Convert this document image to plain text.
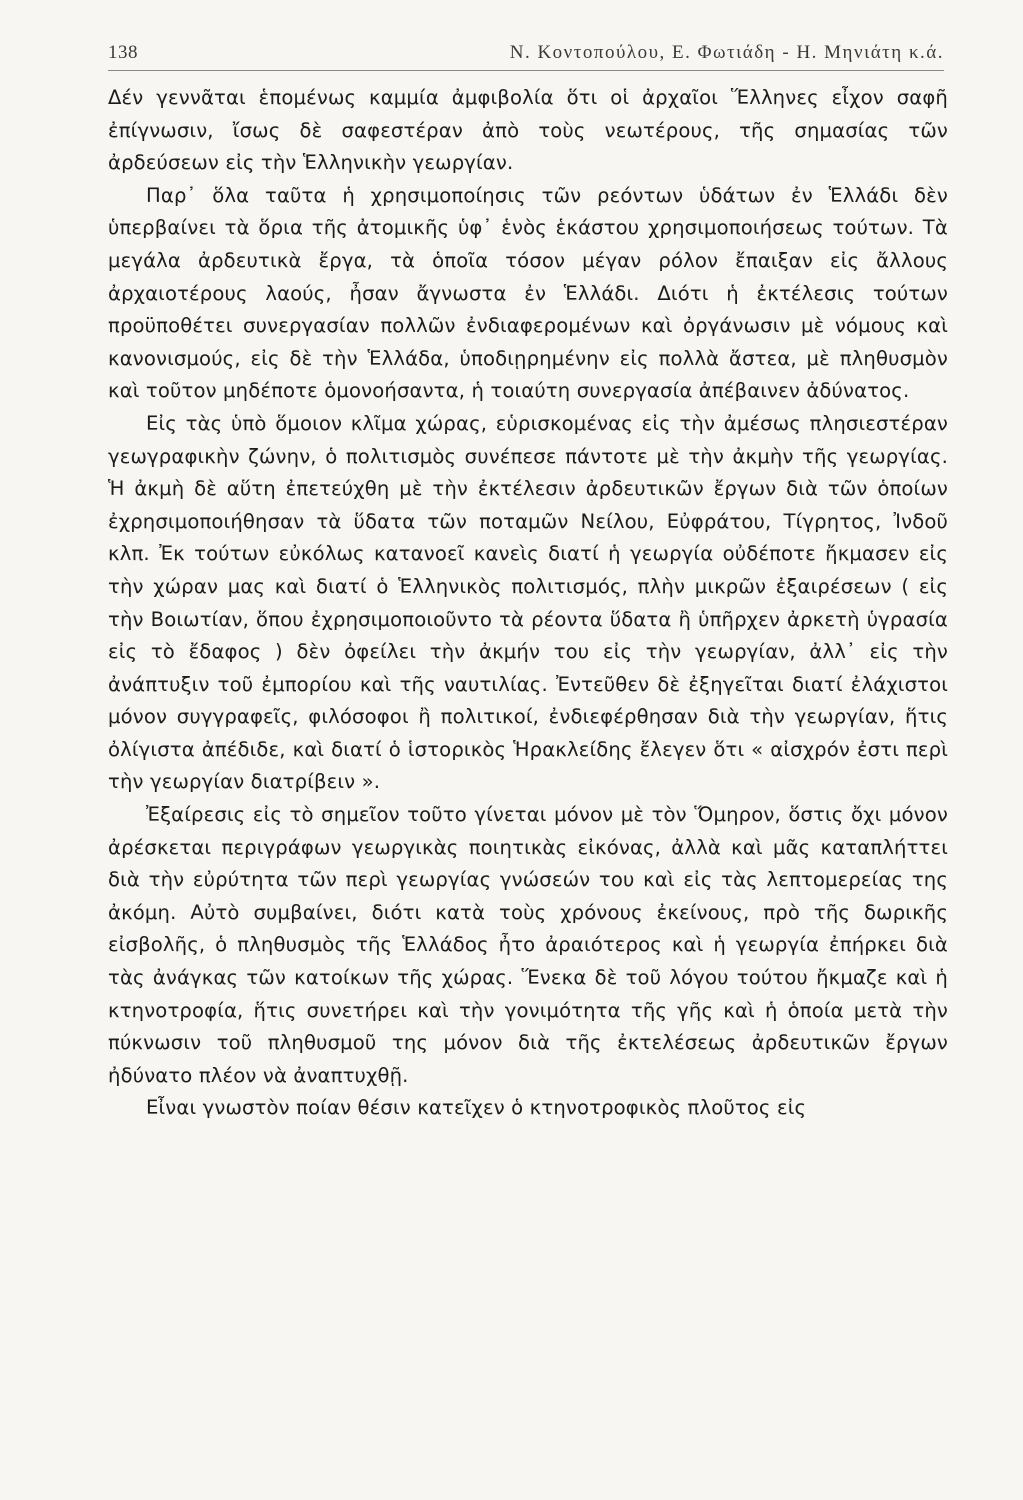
138	Ν. Κοντοπούλου, Ε. Φωτιάδη - Η. Μηνιάτη κ.ά.

Δέν γεννᾶται ἑπομένως καμμία ἀμφιβολία ὅτι οἱ ἀρχαῖοι Ἕλληνες εἶχον σαφῆ ἐπίγνωσιν, ἴσως δὲ σαφεστέραν ἀπὸ τοὺς νεωτέρους, τῆς σημασίας τῶν ἀρδεύσεων εἰς τὴν Ἑλληνικὴν γεωργίαν.

Παρ᾽ ὅλα ταῦτα ἡ χρησιμοποίησις τῶν ρεόντων ὑδάτων ἐν Ἑλλάδι δὲν ὑπερβαίνει τὰ ὅρια τῆς ἀτομικῆς ὑφ᾽ ἑνὸς ἑκάστου χρησιμοποιήσεως τούτων. Τὰ μεγάλα ἀρδευτικὰ ἔργα, τὰ ὁποῖα τόσον μέγαν ρόλον ἔπαιξαν εἰς ἄλλους ἀρχαιοτέρους λαούς, ἦσαν ἄγνωστα ἐν Ἑλλάδι. Διότι ἡ ἐκτέλεσις τούτων προϋποθέτει συνεργασίαν πολλῶν ἐνδιαφερομένων καὶ ὀργάνωσιν μὲ νόμους καὶ κανονισμούς, εἰς δὲ τὴν Ἑλλάδα, ὑποδιῃρημένην εἰς πολλὰ ἄστεα, μὲ πληθυσμὸν καὶ τοῦτον μηδέποτε ὁμονοήσαντα, ἡ τοιαύτη συνεργασία ἀπέβαινεν ἀδύνατος.

Εἰς τὰς ὑπὸ ὅμοιον κλῖμα χώρας, εὑρισκομένας εἰς τὴν ἀμέσως πλησιεστέραν γεωγραφικὴν ζώνην, ὁ πολιτισμὸς συνέπεσε πάντοτε μὲ τὴν ἀκμὴν τῆς γεωργίας. Ἡ ἀκμὴ δὲ αὕτη ἐπετεύχθη μὲ τὴν ἐκτέλεσιν ἀρδευτικῶν ἔργων διὰ τῶν ὁποίων ἐχρησιμοποιήθησαν τὰ ὕδατα τῶν ποταμῶν Νείλου, Εὐφράτου, Τίγρητος, Ἰνδοῦ κλπ. Ἐκ τούτων εὐκόλως κατανοεῖ κανεὶς διατί ἡ γεωργία οὐδέποτε ἤκμασεν εἰς τὴν χώραν μας καὶ διατί ὁ Ἑλληνικὸς πολιτισμός, πλὴν μικρῶν ἐξαιρέσεων ( εἰς τὴν Βοιωτίαν, ὅπου ἐχρησιμοποιοῦντο τὰ ρέοντα ὕδατα ἢ ὑπῆρχεν ἀρκετὴ ὑγρασία εἰς τὸ ἔδαφος ) δὲν ὀφείλει τὴν ἀκμήν του εἰς τὴν γεωργίαν, ἀλλ᾽ εἰς τὴν ἀνάπτυξιν τοῦ ἐμπορίου καὶ τῆς ναυτιλίας. Ἐντεῦθεν δὲ ἐξηγεῖται διατί ἐλάχιστοι μόνον συγγραφεῖς, φιλόσοφοι ἢ πολιτικοί, ἐνδιεφέρθησαν διὰ τὴν γεωργίαν, ἥτις ὀλίγιστα ἀπέδιδε, καὶ διατί ὁ ἱστορικὸς Ἡρακλείδης ἔλεγεν ὅτι « αἰσχρόν ἐστι περὶ τὴν γεωργίαν διατρίβειν ».

Ἐξαίρεσις εἰς τὸ σημεῖον τοῦτο γίνεται μόνον μὲ τὸν Ὅμηρον, ὅστις ὄχι μόνον ἀρέσκεται περιγράφων γεωργικὰς ποιητικὰς εἰκόνας, ἀλλὰ καὶ μᾶς καταπλήττει διὰ τὴν εὐρύτητα τῶν περὶ γεωργίας γνώσεών του καὶ εἰς τὰς λεπτομερείας της ἀκόμη. Αὐτὸ συμβαίνει, διότι κατὰ τοὺς χρόνους ἐκείνους, πρὸ τῆς δωρικῆς εἰσβολῆς, ὁ πληθυσμὸς τῆς Ἑλλάδος ἦτο ἀραιότερος καὶ ἡ γεωργία ἐπήρκει διὰ τὰς ἀνάγκας τῶν κατοίκων τῆς χώρας. Ἕνεκα δὲ τοῦ λόγου τούτου ἤκμαζε καὶ ἡ κτηνοτροφία, ἥτις συνετήρει καὶ τὴν γονιμότητα τῆς γῆς καὶ ἡ ὁποία μετὰ τὴν πύκνωσιν τοῦ πληθυσμοῦ της μόνον διὰ τῆς ἐκτελέσεως ἀρδευτικῶν ἔργων ἠδύνατο πλέον νὰ ἀναπτυχθῇ.

Εἶναι γνωστὸν ποίαν θέσιν κατεῖχεν ὁ κτηνοτροφικὸς πλοῦτος εἰς
